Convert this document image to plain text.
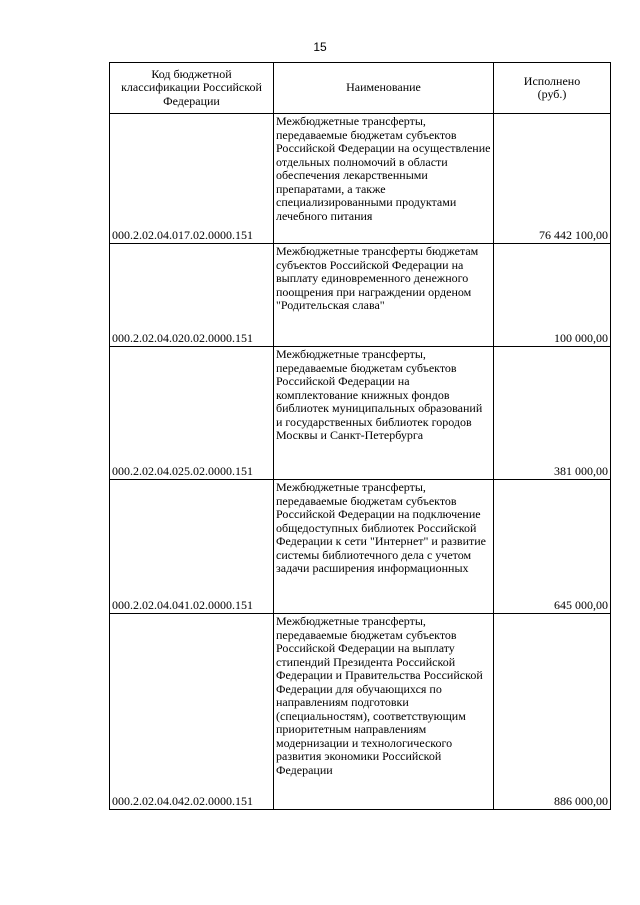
15
Код бюджетной классификации Российской Федерации	Наименование	Исполнено (руб.)
000.2.02.04.017.02.0000.151	Межбюджетные трансферты, передаваемые бюджетам субъектов Российской Федерации на осуществление отдельных полномочий в области обеспечения лекарственными препаратами, а также специализированными продуктами лечебного питания	76 442 100,00
000.2.02.04.020.02.0000.151	Межбюджетные трансферты бюджетам субъектов Российской Федерации на выплату единовременного денежного поощрения при награждении орденом "Родительская слава"	100 000,00
000.2.02.04.025.02.0000.151	Межбюджетные трансферты, передаваемые бюджетам субъектов Российской Федерации на комплектование книжных фондов библиотек муниципальных образований и государственных библиотек городов Москвы и Санкт-Петербурга	381 000,00
000.2.02.04.041.02.0000.151	Межбюджетные трансферты, передаваемые бюджетам субъектов Российской Федерации на подключение общедоступных библиотек Российской Федерации к сети "Интернет" и развитие системы библиотечного дела с учетом задачи расширения информационных	645 000,00
000.2.02.04.042.02.0000.151	Межбюджетные трансферты, передаваемые бюджетам субъектов Российской Федерации на выплату стипендий Президента Российской Федерации и Правительства Российской Федерации для обучающихся по направлениям подготовки (специальностям), соответствующим приоритетным направлениям модернизации и технологического развития экономики Российской Федерации	886 000,00
